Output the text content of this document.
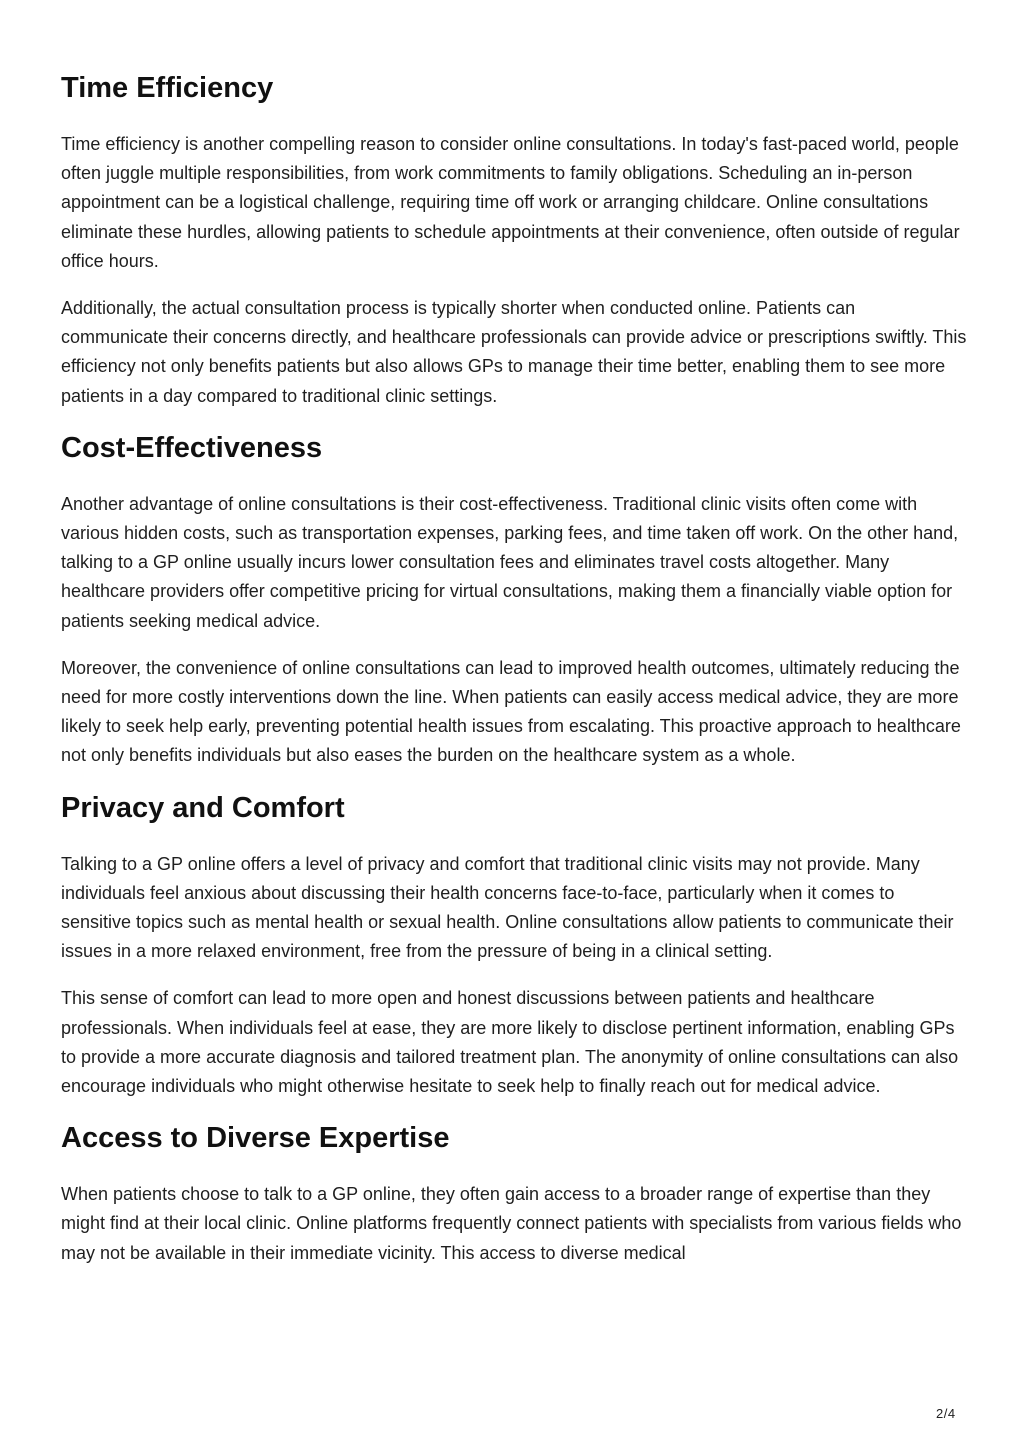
Time Efficiency

Time efficiency is another compelling reason to consider online consultations. In today's fast-paced world, people often juggle multiple responsibilities, from work commitments to family obligations. Scheduling an in-person appointment can be a logistical challenge, requiring time off work or arranging childcare. Online consultations eliminate these hurdles, allowing patients to schedule appointments at their convenience, often outside of regular office hours.

Additionally, the actual consultation process is typically shorter when conducted online. Patients can communicate their concerns directly, and healthcare professionals can provide advice or prescriptions swiftly. This efficiency not only benefits patients but also allows GPs to manage their time better, enabling them to see more patients in a day compared to traditional clinic settings.

Cost-Effectiveness

Another advantage of online consultations is their cost-effectiveness. Traditional clinic visits often come with various hidden costs, such as transportation expenses, parking fees, and time taken off work. On the other hand, talking to a GP online usually incurs lower consultation fees and eliminates travel costs altogether. Many healthcare providers offer competitive pricing for virtual consultations, making them a financially viable option for patients seeking medical advice.

Moreover, the convenience of online consultations can lead to improved health outcomes, ultimately reducing the need for more costly interventions down the line. When patients can easily access medical advice, they are more likely to seek help early, preventing potential health issues from escalating. This proactive approach to healthcare not only benefits individuals but also eases the burden on the healthcare system as a whole.

Privacy and Comfort

Talking to a GP online offers a level of privacy and comfort that traditional clinic visits may not provide. Many individuals feel anxious about discussing their health concerns face-to-face, particularly when it comes to sensitive topics such as mental health or sexual health. Online consultations allow patients to communicate their issues in a more relaxed environment, free from the pressure of being in a clinical setting.

This sense of comfort can lead to more open and honest discussions between patients and healthcare professionals. When individuals feel at ease, they are more likely to disclose pertinent information, enabling GPs to provide a more accurate diagnosis and tailored treatment plan. The anonymity of online consultations can also encourage individuals who might otherwise hesitate to seek help to finally reach out for medical advice.

Access to Diverse Expertise

When patients choose to talk to a GP online, they often gain access to a broader range of expertise than they might find at their local clinic. Online platforms frequently connect patients with specialists from various fields who may not be available in their immediate vicinity. This access to diverse medical

2/4
